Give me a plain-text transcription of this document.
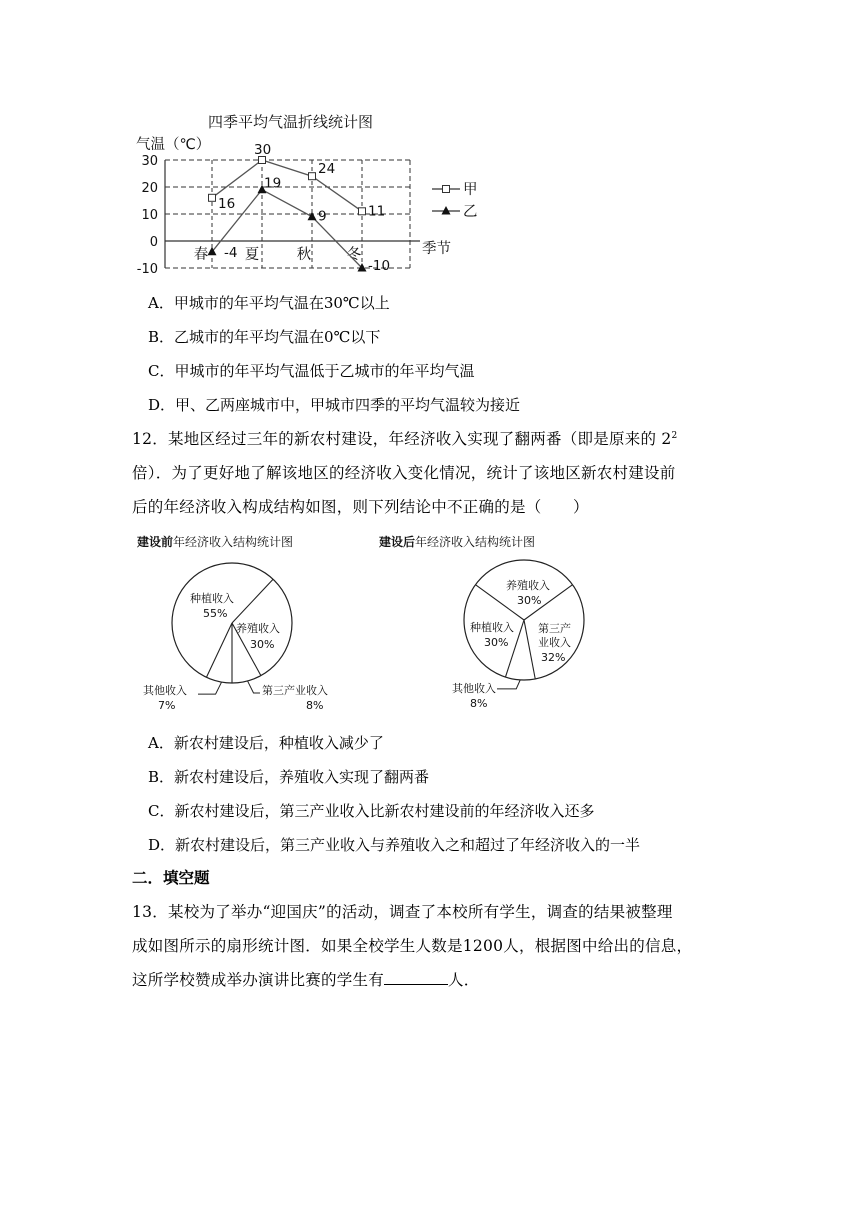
四季平均气温折线统计图
气温（℃）
30
20
10
0
-10
春	夏	秋 冬	季节
16
30
24
11
-4
19
9
-10
甲
乙
A．甲城市的年平均气温在30℃以上
B．乙城市的年平均气温在0℃以下
C．甲城市的年平均气温低于乙城市的年平均气温
D．甲、乙两座城市中，甲城市四季的平均气温较为接近
12．某地区经过三年的新农村建设，年经济收入实现了翻两番（即是原来的 $2^2$
倍）．为了更好地了解该地区的经济收入变化情况，统计了该地区新农村建设前
后的年经济收入构成结构如图，则下列结论中不正确的是（　　）
建设前年经济收入结构统计图
种植收入
55%
养殖收入
30%
其他收入
7%
第三产业收入
8%
建设后年经济收入结构统计图
养殖收入
30%
第三产
业收入
32%
种植收入
30%
其他收入
8%
A．新农村建设后，种植收入减少了
B．新农村建设后，养殖收入实现了翻两番
C．新农村建设后，第三产业收入比新农村建设前的年经济收入还多
D．新农村建设后，第三产业收入与养殖收入之和超过了年经济收入的一半
二．填空题
13．某校为了举办“迎国庆”的活动，调查了本校所有学生，调查的结果被整理
成如图所示的扇形统计图．如果全校学生人数是1200人，根据图中给出的信息，
这所学校赞成举办演讲比赛的学生有	人．
